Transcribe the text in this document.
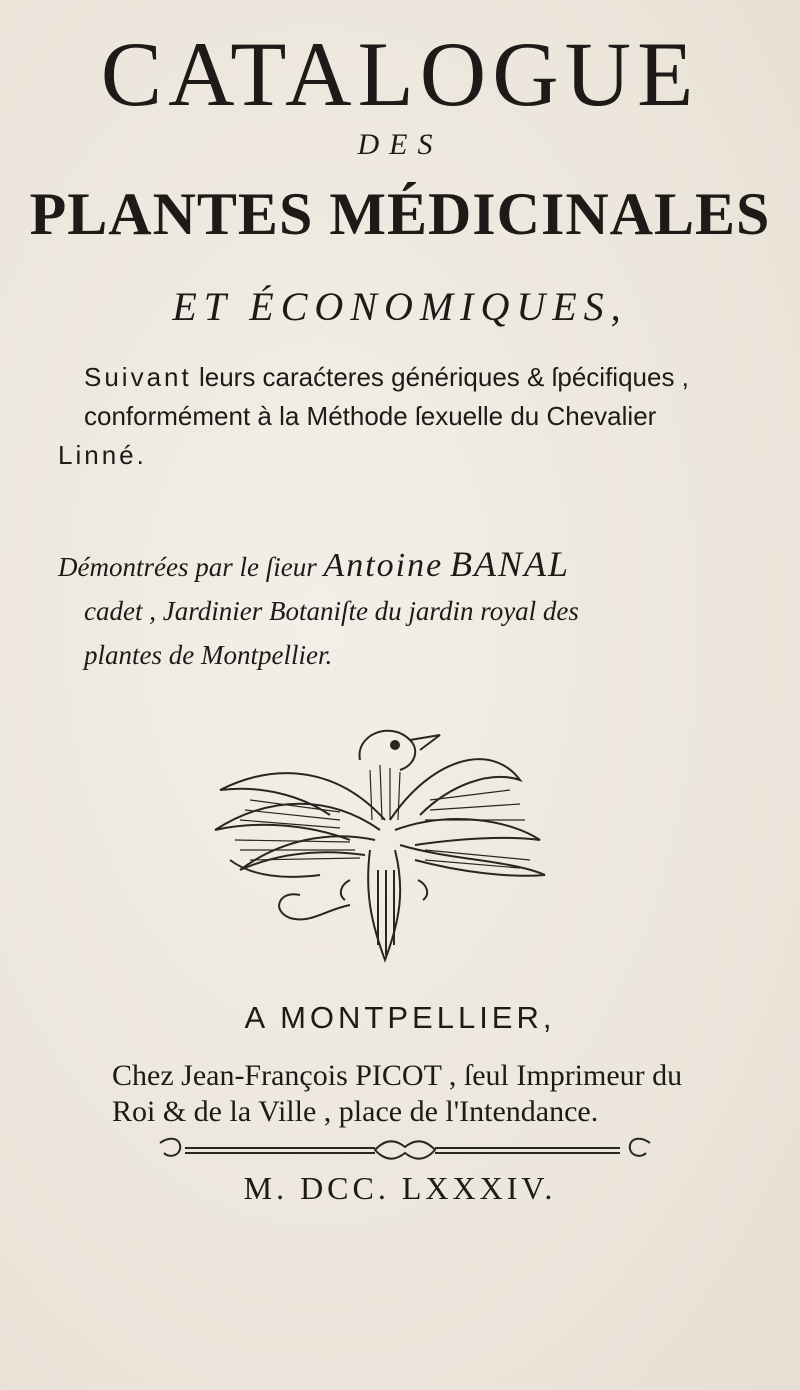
CATALOGUE
DES
PLANTES MÉDICINALES
ET ÉCONOMIQUES,
Suivant leurs caraćteres génériques & ſpécifiques ,
conformément à la Méthode ſexuelle du Chevalier
Linné.
Démontrées par le ſieur Antoine BANAL
cadet , Jardinier Botaniſte du jardin royal des
plantes de Montpellier.
A MONTPELLIER,
Chez Jean-François PICOT , ſeul Imprimeur du
Roi & de la Ville , place de l'Intendance.
M. DCC. LXXXIV.
